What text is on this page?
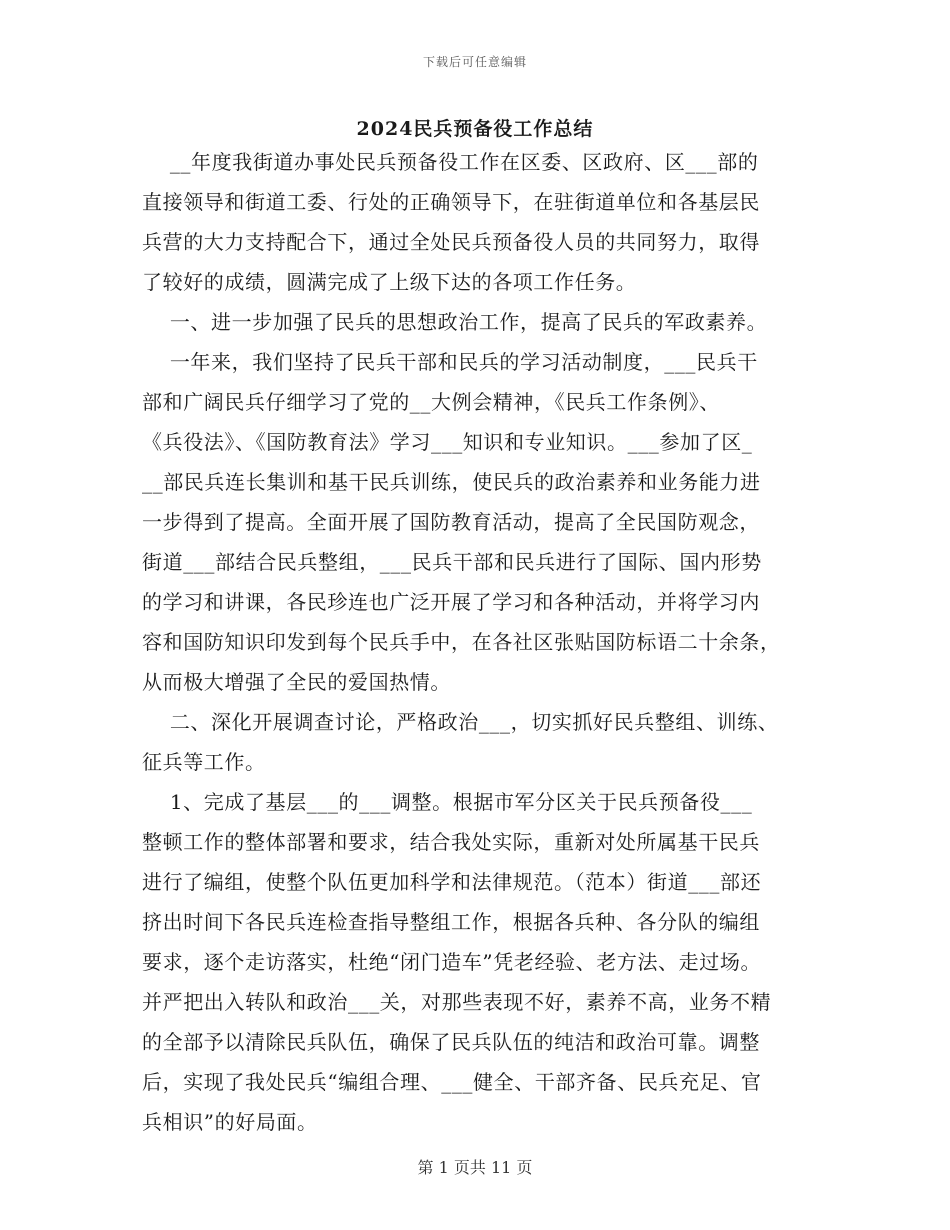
下载后可任意编辑
2024民兵预备役工作总结
__年度我街道办事处民兵预备役工作在区委、区政府、区___部的
直接领导和街道工委、行处的正确领导下，在驻街道单位和各基层民
兵营的大力支持配合下，通过全处民兵预备役人员的共同努力，取得
了较好的成绩，圆满完成了上级下达的各项工作任务。
一、进一步加强了民兵的思想政治工作，提高了民兵的军政素养。
一年来，我们坚持了民兵干部和民兵的学习活动制度，___民兵干
部和广阔民兵仔细学习了党的__大例会精神，《民兵工作条例》、
《兵役法》、《国防教育法》学习___知识和专业知识。___参加了区_
__部民兵连长集训和基干民兵训练，使民兵的政治素养和业务能力进
一步得到了提高。全面开展了国防教育活动，提高了全民国防观念，
街道___部结合民兵整组，___民兵干部和民兵进行了国际、国内形势
的学习和讲课，各民珍连也广泛开展了学习和各种活动，并将学习内
容和国防知识印发到每个民兵手中，在各社区张贴国防标语二十余条，
从而极大增强了全民的爱国热情。
二、深化开展调查讨论，严格政治___，切实抓好民兵整组、训练、
征兵等工作。
1、完成了基层___的___调整。根据市军分区关于民兵预备役___
整顿工作的整体部署和要求，结合我处实际，重新对处所属基干民兵
进行了编组，使整个队伍更加科学和法律规范。（范本）街道___部还
挤出时间下各民兵连检查指导整组工作，根据各兵种、各分队的编组
要求，逐个走访落实，杜绝“闭门造车”凭老经验、老方法、走过场。
并严把出入转队和政治___关，对那些表现不好，素养不高，业务不精
的全部予以清除民兵队伍，确保了民兵队伍的纯洁和政治可靠。调整
后，实现了我处民兵“编组合理、___健全、干部齐备、民兵充足、官
兵相识”的好局面。
第 1 页共 11 页
